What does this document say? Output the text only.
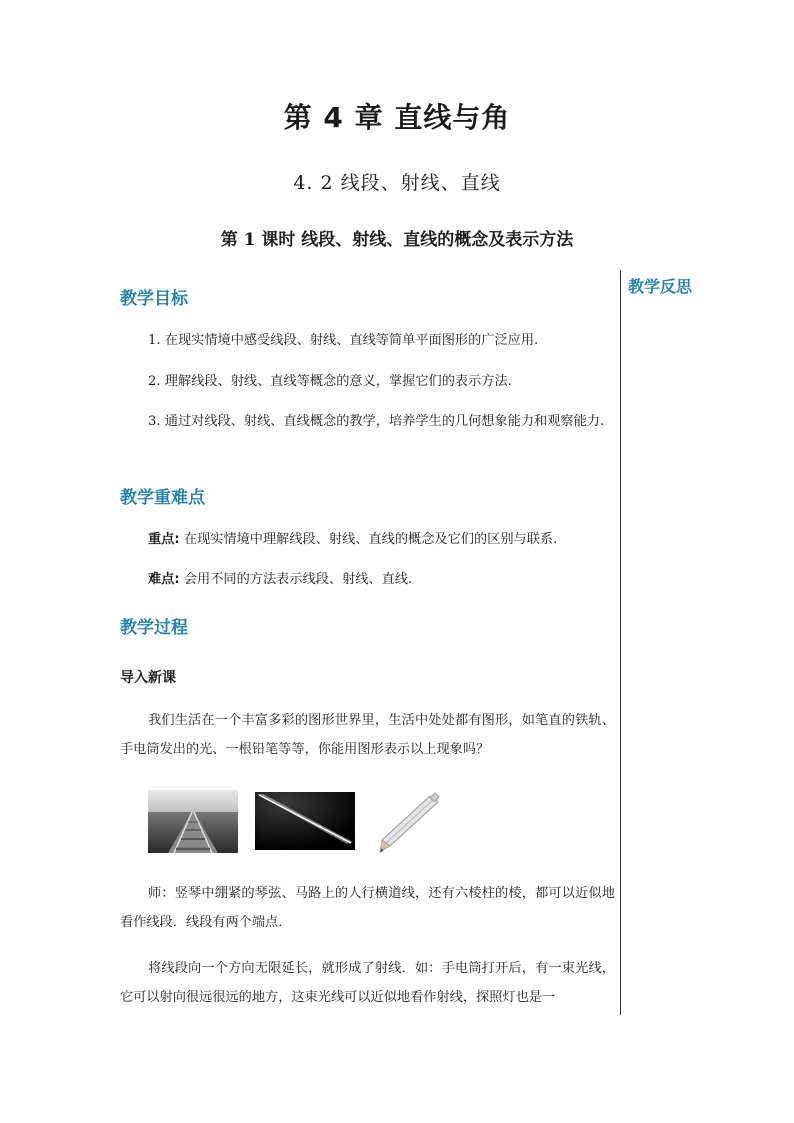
第 4 章 直线与角
4. 2 线段、射线、直线
第 1 课时 线段、射线、直线的概念及表示方法
教学反思
教学目标
1. 在现实情境中感受线段、射线、直线等简单平面图形的广泛应用.
2. 理解线段、射线、直线等概念的意义，掌握它们的表示方法.
3. 通过对线段、射线、直线概念的教学，培养学生的几何想象能力和观察能力.
教学重难点
重点: 在现实情境中理解线段、射线、直线的概念及它们的区别与联系.
难点: 会用不同的方法表示线段、射线、直线.
教学过程
导入新课
我们生活在一个丰富多彩的图形世界里，生活中处处都有图形，如笔直的铁轨、手电筒发出的光、一根铅笔等等，你能用图形表示以上现象吗？
师：竖琴中绷紧的琴弦、马路上的人行横道线，还有六棱柱的棱，都可以近似地看作线段．线段有两个端点．
将线段向一个方向无限延长，就形成了射线．如：手电筒打开后，有一束光线，它可以射向很远很远的地方，这束光线可以近似地看作射线，探照灯也是一
